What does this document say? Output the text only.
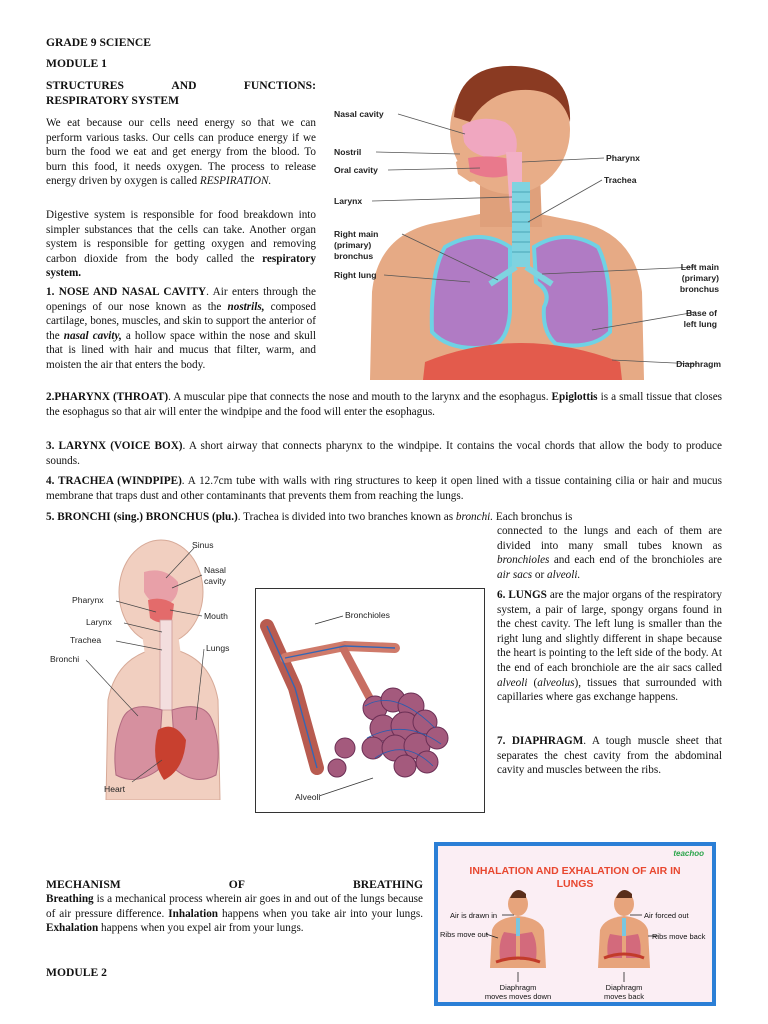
GRADE 9 SCIENCE
MODULE 1
STRUCTURES	AND	FUNCTIONS:
RESPIRATORY SYSTEM

We eat because our cells need energy so that we can perform various tasks. Our cells can produce energy if we burn the food we eat and get energy from the blood. To burn this food, it needs oxygen. The process to release energy driven by oxygen is called RESPIRATION.

Digestive system is responsible for food breakdown into simpler substances that the cells can take. Another organ system is responsible for getting oxygen and removing carbon dioxide from the body called the respiratory system.

1. NOSE AND NASAL CAVITY. Air enters through the openings of our nose known as the nostrils, composed cartilage, bones, muscles, and skin to support the anterior of the nasal cavity, a hollow space within the nose and skull that is lined with hair and mucus that filter, warm, and moisten the air that enters the body.

Nasal cavity
Nostril
Oral cavity
Larynx
Right main
(primary)
bronchus
Right lung
Pharynx
Trachea
Left main
(primary)
bronchus
Base of
left lung
Diaphragm

2.PHARYNX (THROAT). A muscular pipe that connects the nose and mouth to the larynx and the esophagus. Epiglottis is a small tissue that closes the esophagus so that air will enter the windpipe and the food will enter the esophagus.

3. LARYNX (VOICE BOX). A short airway that connects pharynx to the windpipe. It contains the vocal chords that allow the body to produce sounds.

4. TRACHEA (WINDPIPE). A 12.7cm tube with walls with ring structures to keep it open lined with a tissue containing cilia or hair and mucus membrane that traps dust and other contaminants that prevents them from reaching the lungs.

5. BRONCHI (sing.) BRONCHUS (plu.). Trachea is divided into two branches known as bronchi. Each bronchus is

connected to the lungs and each of them are divided into many small tubes known as bronchioles and each end of the bronchioles are air sacs or alveoli.

6. LUNGS are the major organs of the respiratory system, a pair of large, spongy organs found in the chest cavity. The left lung is smaller than the right lung and slightly different in shape because the heart is pointing to the left side of the body. At the end of each bronchiole are the air sacs called alveoli (alveolus), tissues that surrounded with capillaries where gas exchange happens.

7. DIAPHRAGM. A tough muscle sheet that separates the chest cavity from the abdominal cavity and muscles between the ribs.

Sinus
Nasal
cavity
Pharynx
Mouth
Larynx
Trachea
Lungs
Bronchi
Heart
Bronchioles
Alveoli
MECHANISM	OF	BREATHING

Breathing is a mechanical process wherein air goes in and out of the lungs because of air pressure difference. Inhalation happens when you take air into your lungs. Exhalation happens when you expel air from your lungs.

MODULE 2
teachoo
INHALATION AND EXHALATION OF AIR IN
LUNGS
Air is drawn in
Ribs move out
Air forced out
Ribs move back
Diaphragm
moves moves down
Diaphragm
moves back
